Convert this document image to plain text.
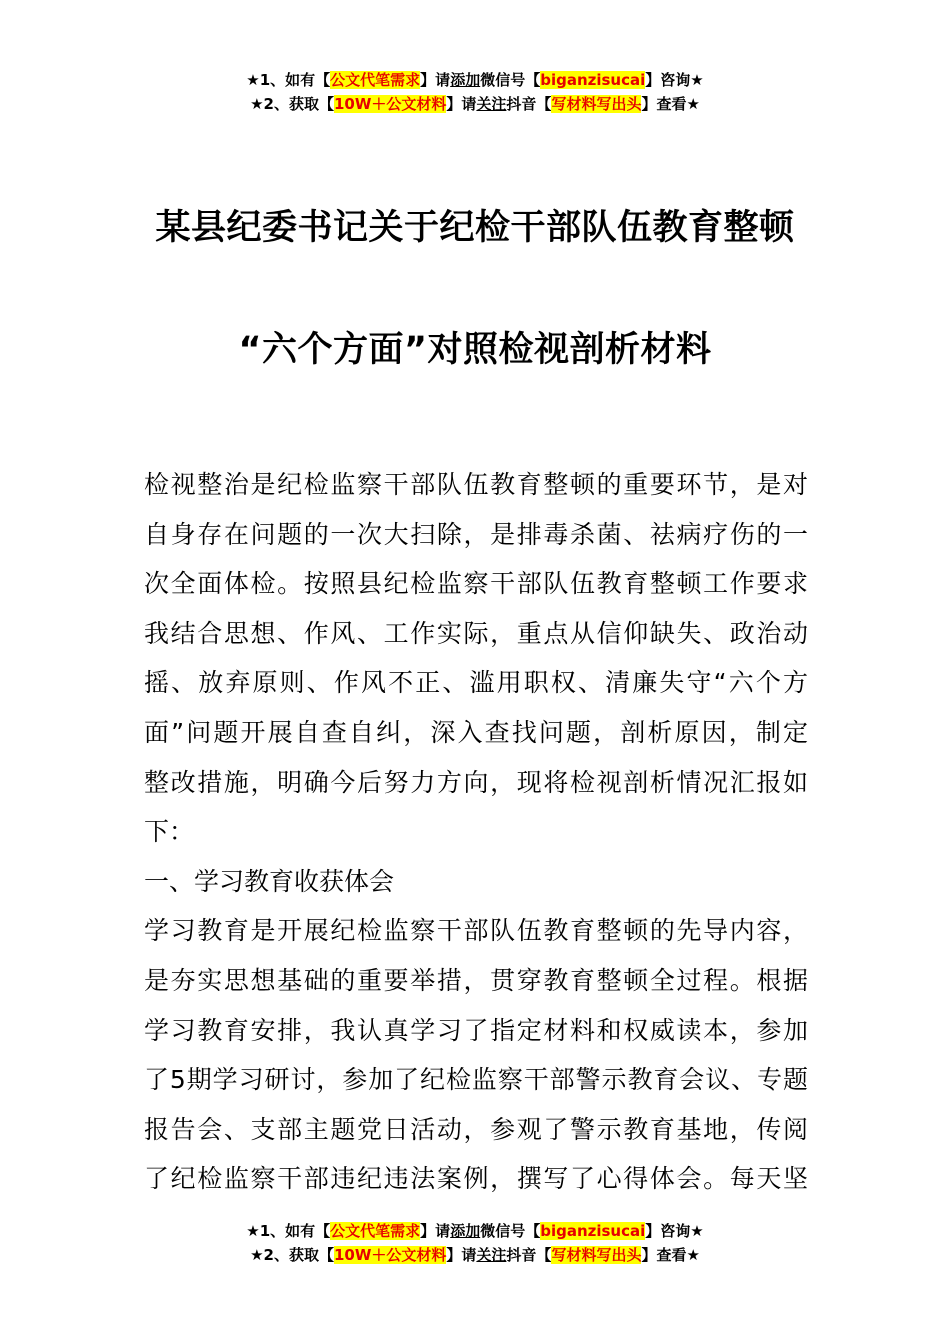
★1、如有【公文代笔需求】请添加微信号【biganzisucai】咨询★
★2、获取【10W＋公文材料】请关注抖音【写材料写出头】查看★
某县纪委书记关于纪检干部队伍教育整顿
“六个方面”对照检视剖析材料
检视整治是纪检监察干部队伍教育整顿的重要环节，是对
自身存在问题的一次大扫除，是排毒杀菌、祛病疗伤的一
次全面体检。按照县纪检监察干部队伍教育整顿工作要求
我结合思想、作风、工作实际，重点从信仰缺失、政治动
摇、放弃原则、作风不正、滥用职权、清廉失守“六个方
面”问题开展自查自纠，深入查找问题，剖析原因，制定
整改措施，明确今后努力方向，现将检视剖析情况汇报如
下：
一、学习教育收获体会
学习教育是开展纪检监察干部队伍教育整顿的先导内容，
是夯实思想基础的重要举措，贯穿教育整顿全过程。根据
学习教育安排，我认真学习了指定材料和权威读本，参加
了5期学习研讨，参加了纪检监察干部警示教育会议、专题
报告会、支部主题党日活动，参观了警示教育基地，传阅
了纪检监察干部违纪违法案例，撰写了心得体会。每天坚
★1、如有【公文代笔需求】请添加微信号【biganzisucai】咨询★
★2、获取【10W＋公文材料】请关注抖音【写材料写出头】查看★
